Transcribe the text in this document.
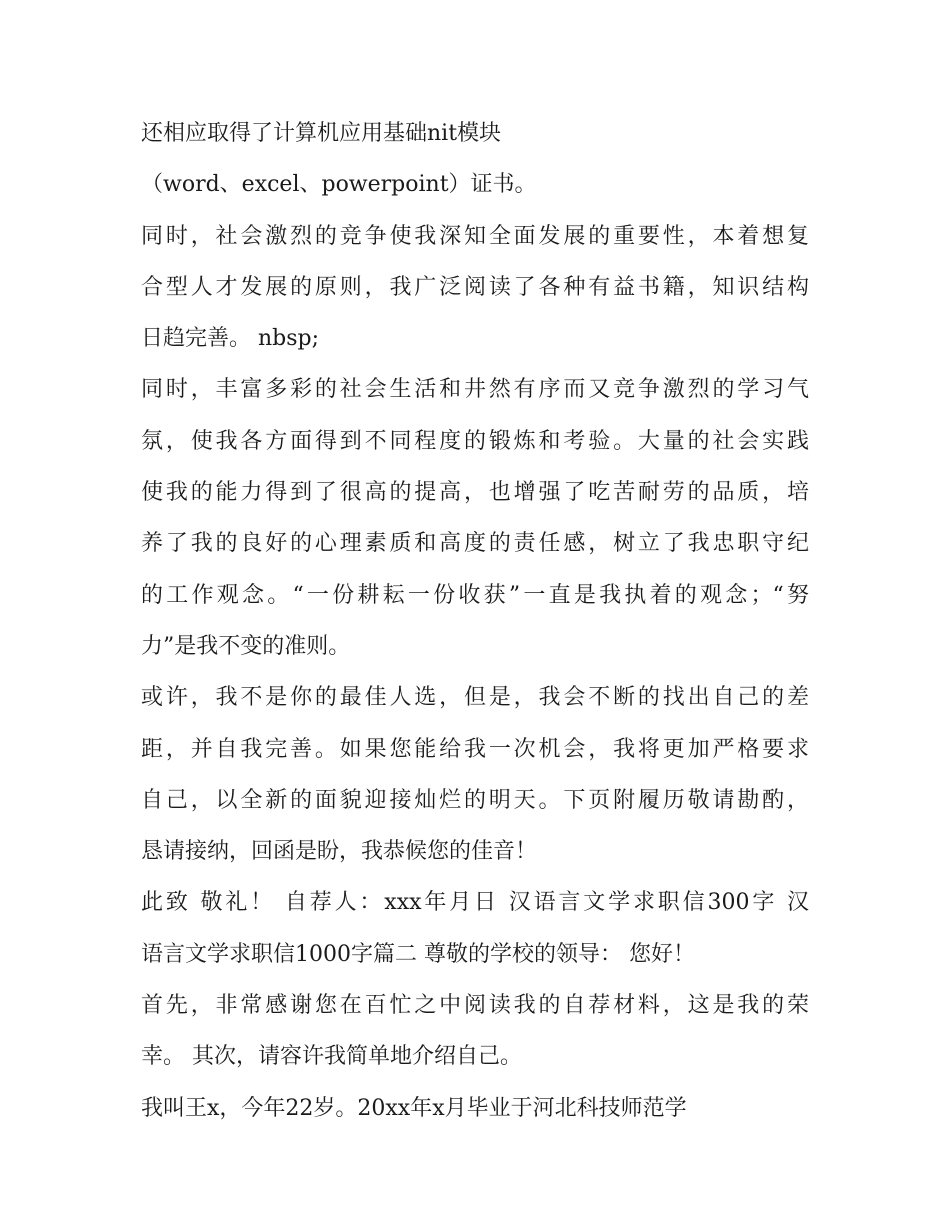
还相应取得了计算机应用基础nit模块
（word、excel、powerpoint）证书。
同时，社会激烈的竞争使我深知全面发展的重要性，本着想复
合型人才发展的原则，我广泛阅读了各种有益书籍，知识结构
日趋完善。 nbsp;
同时，丰富多彩的社会生活和井然有序而又竞争激烈的学习气
氛，使我各方面得到不同程度的锻炼和考验。大量的社会实践
使我的能力得到了很高的提高，也增强了吃苦耐劳的品质，培
养了我的良好的心理素质和高度的责任感，树立了我忠职守纪
的工作观念。“一份耕耘一份收获”一直是我执着的观念；“努
力”是我不变的准则。
或许，我不是你的最佳人选，但是，我会不断的找出自己的差
距，并自我完善。如果您能给我一次机会，我将更加严格要求
自己，以全新的面貌迎接灿烂的明天。下页附履历敬请勘酌，
恳请接纳，回函是盼，我恭候您的佳音！
此致 敬礼！ 自荐人：xxx年月日 汉语言文学求职信300字 汉
语言文学求职信1000字篇二 尊敬的学校的领导： 您好！
首先，非常感谢您在百忙之中阅读我的自荐材料，这是我的荣
幸。 其次，请容许我简单地介绍自己。
我叫王x，今年22岁。20xx年x月毕业于河北科技师范学
